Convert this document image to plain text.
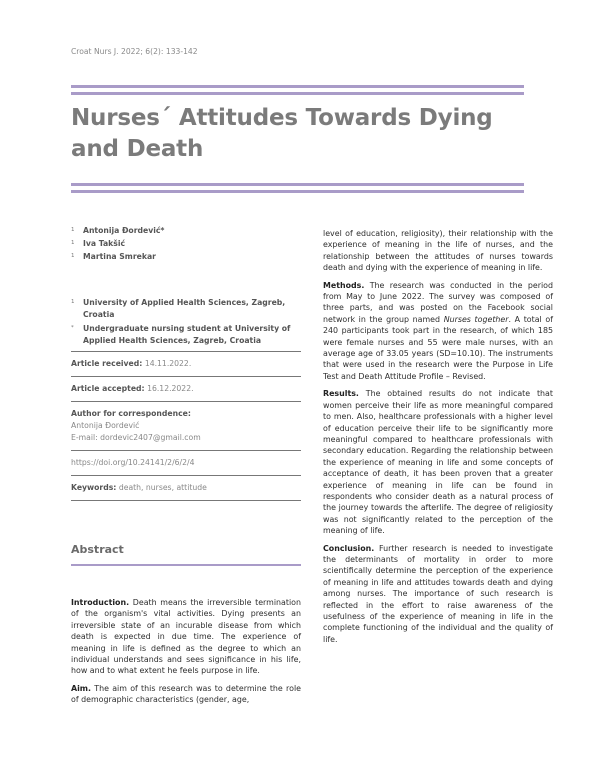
Croat Nurs J. 2022; 6(2): 133-142
Nurses´ Attitudes Towards Dying and Death
1	Antonija Đordević*
1	Iva Takšić
1	Martina Smrekar
1	University of Applied Health Sciences, Zagreb, Croatia
*	Undergraduate nursing student at University of Applied Health Sciences, Zagreb, Croatia
Article received: 14.11.2022.
Article accepted: 16.12.2022.
Author for correspondence:
Antonija Đordević
E-mail: dordevic2407@gmail.com
https://doi.org/10.24141/2/6/2/4
Keywords: death, nurses, attitude
Abstract

Introduction. Death means the irreversible termination of the organism's vital activities. Dying presents an irreversible state of an incurable disease from which death is expected in due time. The experience of meaning in life is defined as the degree to which an individual understands and sees significance in his life, how and to what extent he feels purpose in life.

Aim. The aim of this research was to determine the role of demographic characteristics (gender, age,

level of education, religiosity), their relationship with the experience of meaning in the life of nurses, and the relationship between the attitudes of nurses towards death and dying with the experience of meaning in life.

Methods. The research was conducted in the period from May to June 2022. The survey was composed of three parts, and was posted on the Facebook social network in the group named Nurses together. A total of 240 participants took part in the research, of which 185 were female nurses and 55 were male nurses, with an average age of 33.05 years (SD=10.10). The instruments that were used in the research were the Purpose in Life Test and Death Attitude Profile – Revised.

Results. The obtained results do not indicate that women perceive their life as more meaningful compared to men. Also, healthcare professionals with a higher level of education perceive their life to be significantly more meaningful compared to healthcare professionals with secondary education. Regarding the relationship between the experience of meaning in life and some concepts of acceptance of death, it has been proven that a greater experience of meaning in life can be found in respondents who consider death as a natural process of the journey towards the afterlife. The degree of religiosity was not significantly related to the perception of the meaning of life.

Conclusion. Further research is needed to investigate the determinants of mortality in order to more scientifically determine the perception of the experience of meaning in life and attitudes towards death and dying among nurses. The importance of such research is reflected in the effort to raise awareness of the usefulness of the experience of meaning in life in the complete functioning of the individual and the quality of life.
